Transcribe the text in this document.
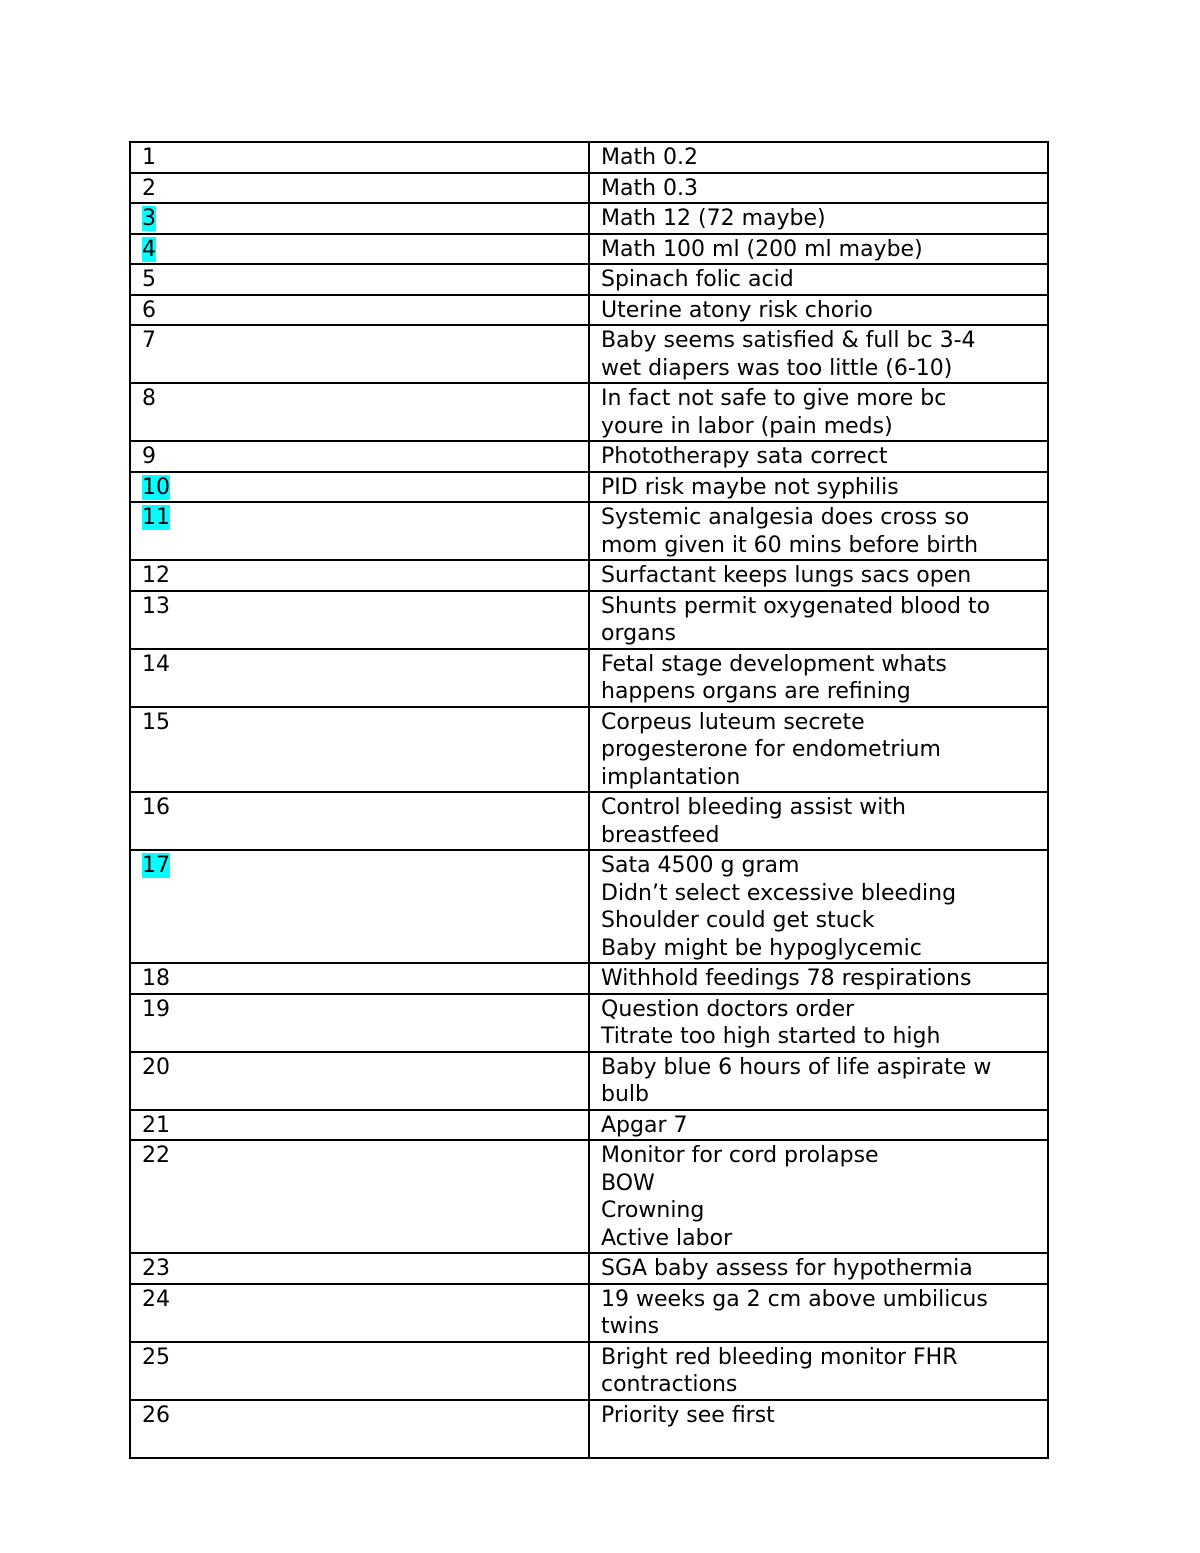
1	Math 0.2

2	Math 0.3

3	Math 12 (72 maybe)

4	Math 100 ml (200 ml maybe)

5	Spinach folic acid

6	Uterine atony risk chorio

7	Baby seems satisfied & full bc 3-4
wet diapers was too little (6-10)

8	In fact not safe to give more bc
youre in labor (pain meds)

9	Phototherapy sata correct

10	PID risk maybe not syphilis

11	Systemic analgesia does cross so
mom given it 60 mins before birth

12	Surfactant keeps lungs sacs open

13	Shunts permit oxygenated blood to
organs

14	Fetal stage development whats
happens organs are refining

15	Corpeus luteum secrete
progesterone for endometrium
implantation

16	Control bleeding assist with
breastfeed

17	Sata 4500 g gram
Didn’t select excessive bleeding
Shoulder could get stuck
Baby might be hypoglycemic

18	Withhold feedings 78 respirations

19	Question doctors order
Titrate too high started to high

20	Baby blue 6 hours of life aspirate w
bulb

21	Apgar 7

22	Monitor for cord prolapse
BOW
Crowning
Active labor

23	SGA baby assess for hypothermia

24	19 weeks ga 2 cm above umbilicus
twins

25	Bright red bleeding monitor FHR
contractions

26	Priority see first
